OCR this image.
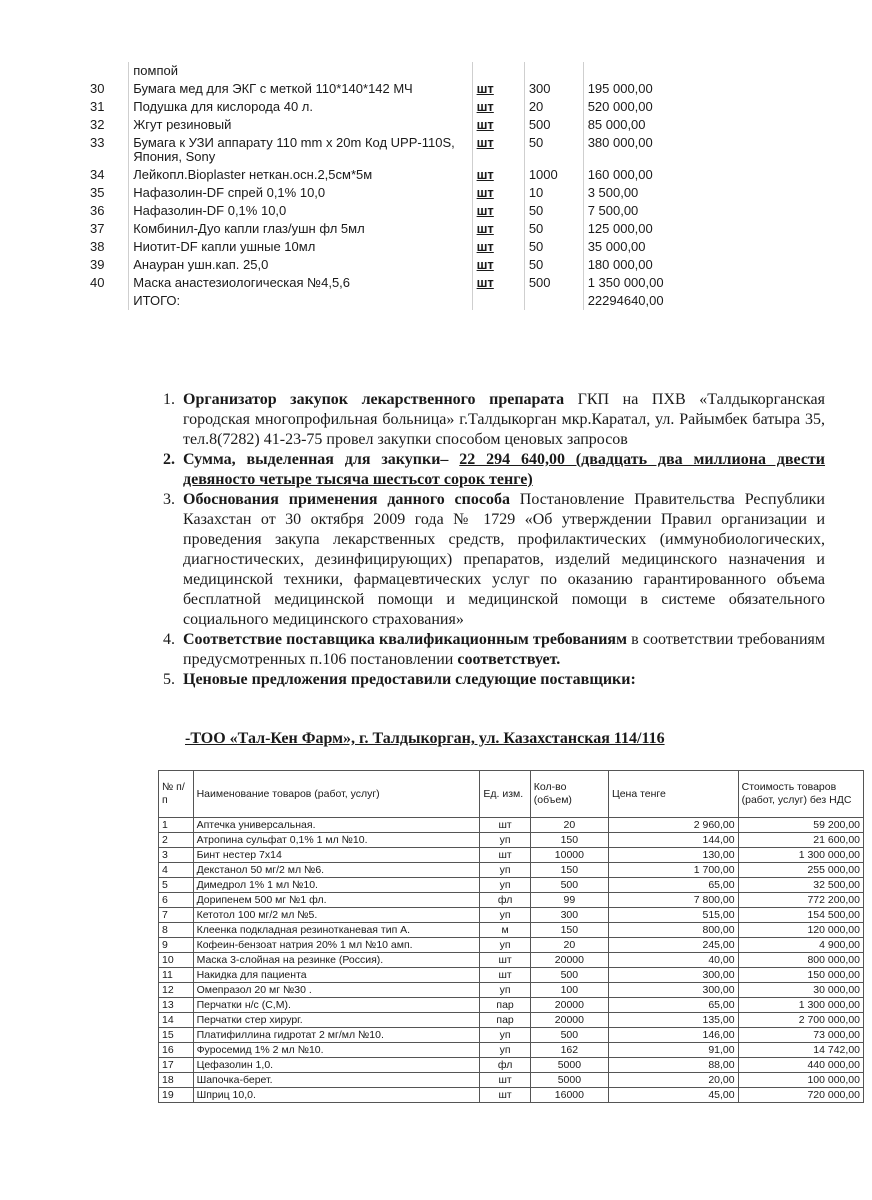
	помпой			
30	Бумага мед для ЭКГ с меткой 110*140*142 МЧ	шт	300	195 000,00
31	Подушка для кислорода 40 л.	шт	20	520 000,00
32	Жгут резиновый	шт	500	85 000,00
33	Бумага к УЗИ аппарату 110 mm x 20m Код UPP-110S, Япония, Sony	шт	50	380 000,00
34	Лейкопл.Bioplaster неткан.осн.2,5см*5м	шт	1000	160 000,00
35	Нафазолин-DF спрей 0,1% 10,0	шт	10	3 500,00
36	Нафазолин-DF 0,1% 10,0	шт	50	7 500,00
37	Комбинил-Дуо капли глаз/ушн фл 5мл	шт	50	125 000,00
38	Ниотит-DF капли ушные 10мл	шт	50	35 000,00
39	Анауран ушн.кап. 25,0	шт	50	180 000,00
40	Маска анастезиологическая №4,5,6	шт	500	1 350 000,00
	ИТОГО:			22294640,00
1. Организатор закупок лекарственного препарата ГКП на ПХВ «Талдыкорганская городская многопрофильная больница» г.Талдыкорган мкр.Каратал, ул. Райымбек батыра 35, тел.8(7282) 41-23-75 провел закупки способом ценовых запросов
2. Сумма, выделенная для закупки– 22 294 640,00 (двадцать два миллиона двести девяносто четыре тысяча шестьсот сорок тенге)
3. Обоснования применения данного способа Постановление Правительства Республики Казахстан от 30 октября 2009 года № 1729 «Об утверждении Правил организации и проведения закупа лекарственных средств, профилактических (иммунобиологических, диагностических, дезинфицирующих) препаратов, изделий медицинского назначения и медицинской техники, фармацевтических услуг по оказанию гарантированного объема бесплатной медицинской помощи и медицинской помощи в системе обязательного социального медицинского страхования»
4. Соответствие поставщика квалификационным требованиям в соответствии требованиям предусмотренных п.106 постановлении соответствует.
5. Ценовые предложения предоставили следующие поставщики:
-ТОО «Тал-Кен Фарм», г. Талдыкорган, ул. Казахстанская 114/116
№ п/п	Наименование товаров (работ, услуг)	Ед. изм.	Кол-во (объем)	Цена тенге	Стоимость товаров (работ, услуг) без НДС
1	Аптечка универсальная.	шт	20	2 960,00	59 200,00
2	Атропина сульфат 0,1% 1 мл №10.	уп	150	144,00	21 600,00
3	Бинт нестер 7х14	шт	10000	130,00	1 300 000,00
4	Декстанол 50 мг/2 мл №6.	уп	150	1 700,00	255 000,00
5	Димедрол 1% 1 мл №10.	уп	500	65,00	32 500,00
6	Дорипенем 500 мг №1 фл.	фл	99	7 800,00	772 200,00
7	Кетотол 100 мг/2 мл №5.	уп	300	515,00	154 500,00
8	Клеенка подкладная резинотканевая тип А.	м	150	800,00	120 000,00
9	Кофеин-бензоат натрия 20% 1 мл №10 амп.	уп	20	245,00	4 900,00
10	Маска 3-слойная на резинке (Россия).	шт	20000	40,00	800 000,00
11	Накидка для пациента	шт	500	300,00	150 000,00
12	Омепразол 20 мг №30 .	уп	100	300,00	30 000,00
13	Перчатки н/с (С,М).	пар	20000	65,00	1 300 000,00
14	Перчатки стер хирург.	пар	20000	135,00	2 700 000,00
15	Платифиллина гидротат 2 мг/мл №10.	уп	500	146,00	73 000,00
16	Фуросемид 1% 2 мл №10.	уп	162	91,00	14 742,00
17	Цефазолин 1,0.	фл	5000	88,00	440 000,00
18	Шапочка-берет.	шт	5000	20,00	100 000,00
19	Шприц 10,0.	шт	16000	45,00	720 000,00
